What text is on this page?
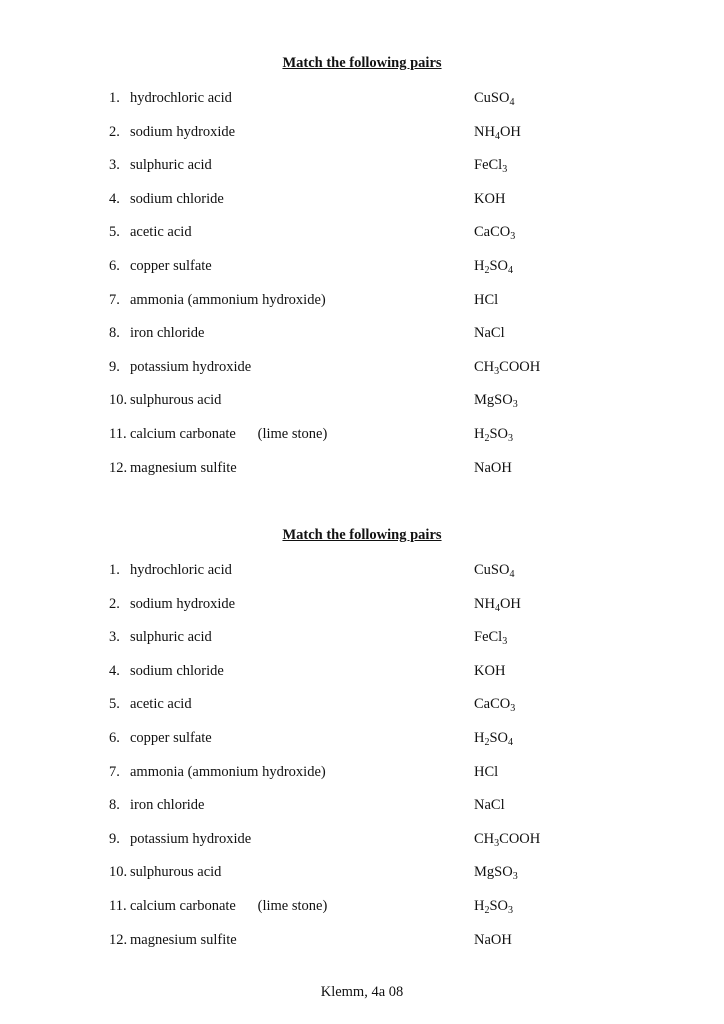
Match the following pairs
1. hydrochloric acid	CuSO$_4$
2. sodium hydroxide	$NH_4OH$
3. sulphuric acid	FeCl$_3$
4. sodium chloride	KOH
5. acetic acid	CaCO$_3$
6. copper sulfate	$H_2SO_4$
7. ammonia (ammonium hydroxide)	HCl
8. iron chloride	NaCl
9. potassium hydroxide	$CH_3COOH$
10. sulphurous acid	MgSO$_3$
11. calcium carbonate      (lime stone)	$H_2SO_3$
12. magnesium sulfite	NaOH
Match the following pairs
1. hydrochloric acid	CuSO$_4$
2. sodium hydroxide	$NH_4OH$
3. sulphuric acid	FeCl$_3$
4. sodium chloride	KOH
5. acetic acid	CaCO$_3$
6. copper sulfate	$H_2SO_4$
7. ammonia (ammonium hydroxide)	HCl
8. iron chloride	NaCl
9. potassium hydroxide	$CH_3COOH$
10. sulphurous acid	MgSO$_3$
11. calcium carbonate      (lime stone)	$H_2SO_3$
12. magnesium sulfite	NaOH
Klemm, 4a 08
